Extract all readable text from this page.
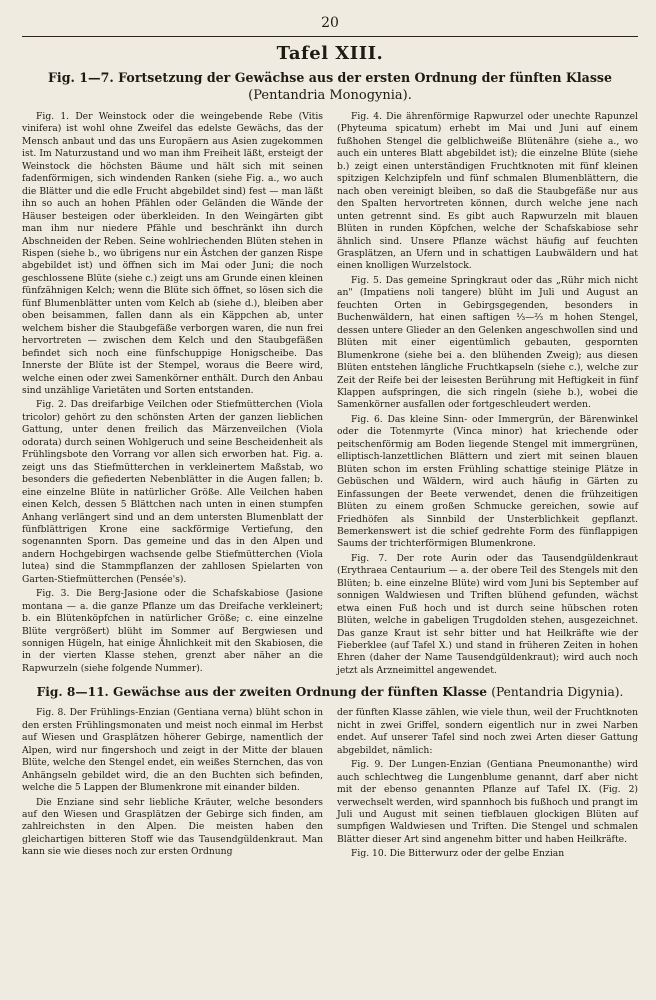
20
Tafel XIII.
Fig. 1—7. Fortsetzung der Gewächse aus der ersten Ordnung der fünften Klasse
(Pentandria Monogynia).

Fig. 1. Der Weinstock oder die weingebende Rebe (Vitis vinifera) ist wohl ohne Zweifel das edelste Gewächs, das der Mensch anbaut und das uns Europäern aus Asien zugekommen ist. Im Naturzustand und wo man ihm Freiheit läßt, ersteigt der Weinstock die höchsten Bäume und hält sich mit seinen fadenförmigen, sich windenden Ranken (siehe Fig. a., wo auch die Blätter und die edle Frucht abgebildet sind) fest — man läßt ihn so auch an hohen Pfählen oder Geländen die Wände der Häuser besteigen oder überkleiden. In den Weingärten gibt man ihm nur niedere Pfähle und beschränkt ihn durch Abschneiden der Reben. Seine wohlriechenden Blüten stehen in Rispen (siehe b., wo übrigens nur ein Ästchen der ganzen Rispe abgebildet ist) und öffnen sich im Mai oder Juni; die noch geschlossene Blüte (siehe c.) zeigt uns am Grunde einen kleinen fünfzähnigen Kelch; wenn die Blüte sich öffnet, so lösen sich die fünf Blumenblätter unten vom Kelch ab (siehe d.), bleiben aber oben beisammen, fallen dann als ein Käppchen ab, unter welchem bisher die Staubgefäße verborgen waren, die nun frei hervortreten — zwischen dem Kelch und den Staubgefäßen befindet sich noch eine fünfschuppige Honigscheibe. Das Innerste der Blüte ist der Stempel, woraus die Beere wird, welche einen oder zwei Samenkörner enthält. Durch den Anbau sind unzählige Varietäten und Sorten entstanden.

Fig. 2. Das dreifarbige Veilchen oder Stiefmütterchen (Viola tricolor) gehört zu den schönsten Arten der ganzen lieblichen Gattung, unter denen freilich das Märzenveilchen (Viola odorata) durch seinen Wohlgeruch und seine Bescheidenheit als Frühlingsbote den Vorrang vor allen sich erworben hat. Fig. a. zeigt uns das Stiefmütterchen in verkleinertem Maßstab, wo besonders die gefiederten Nebenblätter in die Augen fallen; b. eine einzelne Blüte in natürlicher Größe. Alle Veilchen haben einen Kelch, dessen 5 Blättchen nach unten in einen stumpfen Anhang verlängert sind und an dem untersten Blumenblatt der fünfblättrigen Krone eine sackförmige Vertiefung, den sogenannten Sporn. Das gemeine und das in den Alpen und andern Hochgebirgen wachsende gelbe Stiefmütterchen (Viola lutea) sind die Stammpflanzen der zahllosen Spielarten von Garten-Stiefmütterchen (Pensée's).

Fig. 3. Die Berg-Jasione oder die Schafskabiose (Jasione montana — a. die ganze Pflanze um das Dreifache verkleinert; b. ein Blütenköpfchen in natürlicher Größe; c. eine einzelne Blüte vergrößert) blüht im Sommer auf Bergwiesen und sonnigen Hügeln, hat einige Ähnlichkeit mit den Skabiosen, die in der vierten Klasse stehen, grenzt aber näher an die Rapwurzeln (siehe folgende Nummer).

Fig. 4. Die ährenförmige Rapwurzel oder unechte Rapunzel (Phyteuma spicatum) erhebt im Mai und Juni auf einem fußhohen Stengel die gelblichweiße Blütenähre (siehe a., wo auch ein unteres Blatt abgebildet ist); die einzelne Blüte (siehe b.) zeigt einen unterständigen Fruchtknoten mit fünf kleinen spitzigen Kelchzipfeln und fünf schmalen Blumenblättern, die nach oben vereinigt bleiben, so daß die Staubgefäße nur aus den Spalten hervortreten können, durch welche jene nach unten getrennt sind. Es gibt auch Rapwurzeln mit blauen Blüten in runden Köpfchen, welche der Schafskabiose sehr ähnlich sind. Unsere Pflanze wächst häufig auf feuchten Grasplätzen, an Ufern und in schattigen Laubwäldern und hat einen knolligen Wurzelstock.

Fig. 5. Das gemeine Springkraut oder das „Rühr mich nicht an" (Impatiens noli tangere) blüht im Juli und August an feuchten Orten in Gebirgsgegenden, besonders in Buchenwäldern, hat einen saftigen ⅓—⅔ m hohen Stengel, dessen untere Glieder an den Gelenken angeschwollen sind und Blüten mit einer eigentümlich gebauten, gespornten Blumenkrone (siehe bei a. den blühenden Zweig); aus diesen Blüten entstehen längliche Fruchtkapseln (siehe c.), welche zur Zeit der Reife bei der leisesten Berührung mit Heftigkeit in fünf Klappen aufspringen, die sich ringeln (siehe b.), wobei die Samenkörner ausfallen oder fortgeschleudert werden.

Fig. 6. Das kleine Sinn- oder Immergrün, der Bärenwinkel oder die Totenmyrte (Vinca minor) hat kriechende oder peitschenförmig am Boden liegende Stengel mit immergrünen, elliptisch-lanzettlichen Blättern und ziert mit seinen blauen Blüten schon im ersten Frühling schattige steinige Plätze in Gebüschen und Wäldern, wird auch häufig in Gärten zu Einfassungen der Beete verwendet, denen die frühzeitigen Blüten zu einem großen Schmucke gereichen, sowie auf Friedhöfen als Sinnbild der Unsterblichkeit gepflanzt. Bemerkenswert ist die schief gedrehte Form des fünflappigen Saums der trichterförmigen Blumenkrone.

Fig. 7. Der rote Aurin oder das Tausendgüldenkraut (Erythraea Centaurium — a. der obere Teil des Stengels mit den Blüten; b. eine einzelne Blüte) wird vom Juni bis September auf sonnigen Waldwiesen und Triften blühend gefunden, wächst etwa einen Fuß hoch und ist durch seine hübschen roten Blüten, welche in gabeligen Trugdolden stehen, ausgezeichnet. Das ganze Kraut ist sehr bitter und hat Heilkräfte wie der Fieberklee (auf Tafel X.) und stand in früheren Zeiten in hohen Ehren (daher der Name Tausendgüldenkraut); wird auch noch jetzt als Arzneimittel angewendet.

Fig. 8—11. Gewächse aus der zweiten Ordnung der fünften Klasse (Pentandria Digynia).

Fig. 8. Der Frühlings-Enzian (Gentiana verna) blüht schon in den ersten Frühlingsmonaten und meist noch einmal im Herbst auf Wiesen und Grasplätzen höherer Gebirge, namentlich der Alpen, wird nur fingershoch und zeigt in der Mitte der blauen Blüte, welche den Stengel endet, ein weißes Sternchen, das von Anhängseln gebildet wird, die an den Buchten sich befinden, welche die 5 Lappen der Blumenkrone mit einander bilden.

Die Enziane sind sehr liebliche Kräuter, welche besonders auf den Wiesen und Grasplätzen der Gebirge sich finden, am zahlreichsten in den Alpen. Die meisten haben den gleichartigen bitteren Stoff wie das Tausendgüldenkraut. Man kann sie wie dieses noch zur ersten Ordnung

der fünften Klasse zählen, wie viele thun, weil der Fruchtknoten nicht in zwei Griffel, sondern eigentlich nur in zwei Narben endet. Auf unserer Tafel sind noch zwei Arten dieser Gattung abgebildet, nämlich:

Fig. 9. Der Lungen-Enzian (Gentiana Pneumonanthe) wird auch schlechtweg die Lungenblume genannt, darf aber nicht mit der ebenso genannten Pflanze auf Tafel IX. (Fig. 2) verwechselt werden, wird spannhoch bis fußhoch und prangt im Juli und August mit seinen tiefblauen glockigen Blüten auf sumpfigen Waldwiesen und Triften. Die Stengel und schmalen Blätter dieser Art sind angenehm bitter und haben Heilkräfte.

Fig. 10. Die Bitterwurz oder der gelbe Enzian
